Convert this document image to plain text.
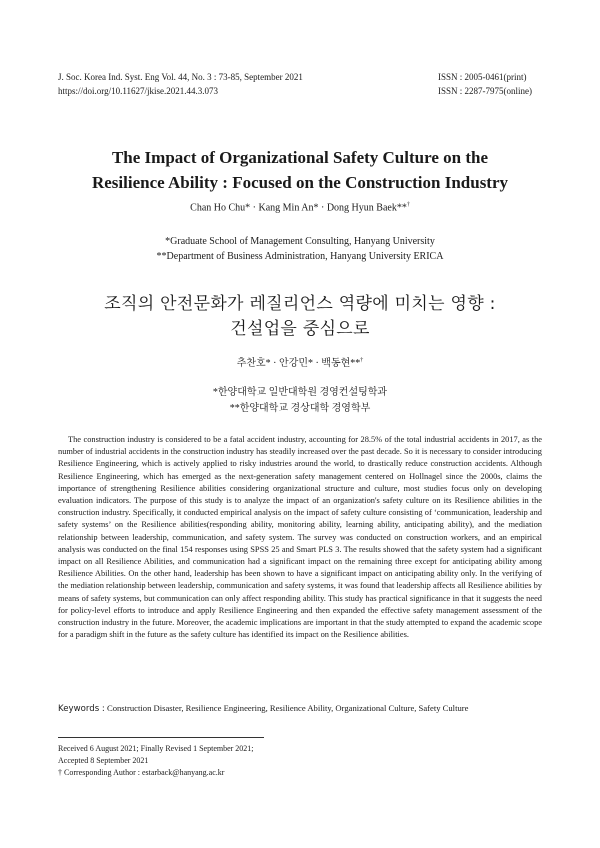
J. Soc. Korea Ind. Syst. Eng Vol. 44, No. 3 : 73-85, September 2021
https://doi.org/10.11627/jkise.2021.44.3.073
ISSN : 2005-0461(print)
ISSN : 2287-7975(online)
The Impact of Organizational Safety Culture on the
Resilience Ability : Focused on the Construction Industry
Chan Ho Chu* · Kang Min An* · Dong Hyun Baek**†
*Graduate School of Management Consulting, Hanyang University
**Department of Business Administration, Hanyang University ERICA
조직의 안전문화가 레질리언스 역량에 미치는 영향 :
건설업을 중심으로
추찬호* · 안강민* · 백동현**†
*한양대학교 일반대학원 경영컨설팅학과
**한양대학교 경상대학 경영학부

The construction industry is considered to be a fatal accident industry, accounting for 28.5% of the total industrial accidents in 2017, as the number of industrial accidents in the construction industry has steadily increased over the past decade. So it is necessary to consider introducing Resilience Engineering, which is actively applied to risky industries around the world, to drastically reduce construction accidents. Although Resilience Engineering, which has emerged as the next-generation safety management centered on Hollnagel since the 2000s, claims the importance of strengthening Resilience abilities considering organizational structure and culture, most studies focus only on developing evaluation indicators. The purpose of this study is to analyze the impact of an organization's safety culture on its Resilience abilities in the construction industry. Specifically, it conducted empirical analysis on the impact of safety culture consisting of ‘communication, leadership and safety systems’ on the Resilience abilities(responding ability, monitoring ability, learning ability, anticipating ability), and the mediation relationship between leadership, communication, and safety system. The survey was conducted on construction workers, and an empirical analysis was conducted on the final 154 responses using SPSS 25 and Smart PLS 3. The results showed that the safety system had a significant impact on all Resilience Abilities, and communication had a significant impact on the remaining three except for anticipating ability among Resilience Abilities. On the other hand, leadership has been shown to have a significant impact on anticipating ability only. In the verifying of the mediation relationship between leadership, communication and safety systems, it was found that leadership affects all Resilience abilities by means of safety systems, but communication can only affect responding ability. This study has practical significance in that it suggests the need for policy-level efforts to introduce and apply Resilience Engineering and then expanded the effective safety management assessment of the construction industry in the future. Moreover, the academic implications are important in that the study attempted to expand the academic scope for a paradigm shift in the future as the safety culture has identified its impact on the Resilience abilities.

Keywords : Construction Disaster, Resilience Engineering, Resilience Ability, Organizational Culture, Safety Culture
Received 6 August 2021; Finally Revised 1 September 2021;
Accepted 8 September 2021
† Corresponding Author : estarback@hanyang.ac.kr
